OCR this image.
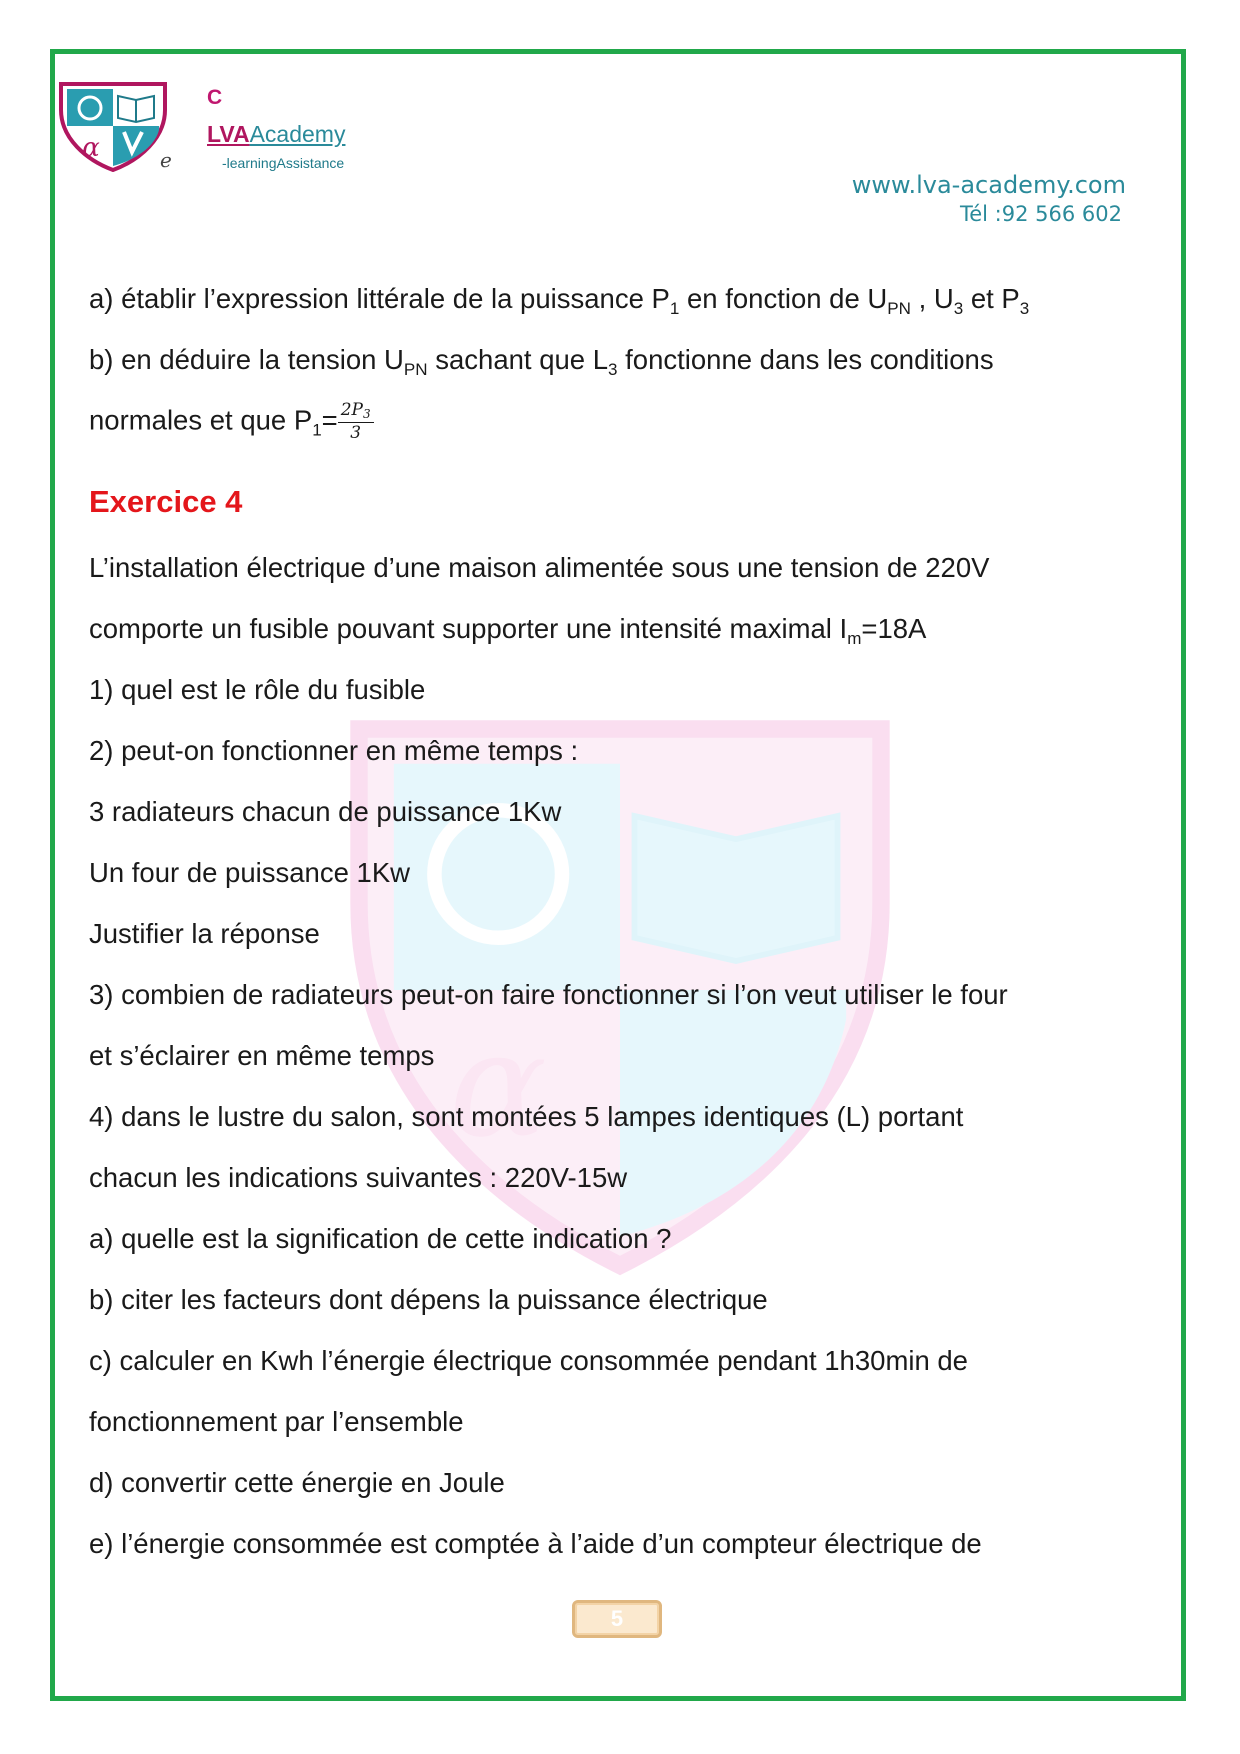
α
α
C
LVAAcademy
e	-learningAssistance
www.lva-academy.com
Tél :92 566 602
a) établir l’expression littérale de la puissance $P_1$ en fonction de $U_{PN}$ , $U_3$ et $P_3$
b) en déduire la tension $U_{PN}$ sachant que $L_3$ fonctionne dans les conditions
normales et que $P_1= \frac{2P3}{3}$
Exercice 4
L’installation électrique d’une maison alimentée sous une tension de 220V
comporte un fusible pouvant supporter une intensité maximal $I_m=18A$
1) quel est le rôle du fusible
2) peut-on fonctionner en même temps :
3 radiateurs chacun de puissance 1Kw
Un four de puissance 1Kw
Justifier la réponse
3) combien de radiateurs peut-on faire fonctionner si l’on veut utiliser le four
et s’éclairer en même temps
4) dans le lustre du salon, sont montées 5 lampes identiques (L) portant
chacun les indications suivantes : 220V-15w
a) quelle est la signification de cette indication ?
b) citer les facteurs dont dépens la puissance électrique
c) calculer en Kwh l’énergie électrique consommée pendant 1h30min de
fonctionnement par l’ensemble
d) convertir cette énergie en Joule
e) l’énergie consommée est comptée à l’aide d’un compteur électrique de
5
